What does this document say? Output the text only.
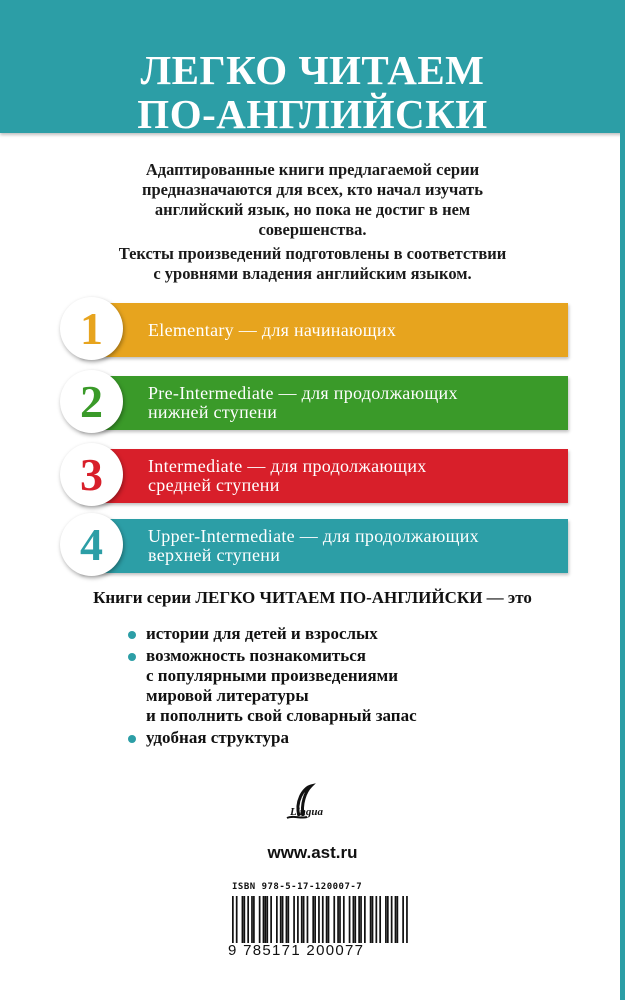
ЛЕГКО ЧИТАЕМ
ПО-АНГЛИЙСКИ
Адаптированные книги предлагаемой серии
предназначаются для всех, кто начал изучать
английский язык, но пока не достиг в нем
совершенства.
Тексты произведений подготовлены в соответствии
с уровнями владения английским языком.
Elementary — для начинающих
1
Pre-Intermediate — для продолжающих
нижней ступени
2
Intermediate — для продолжающих
средней ступени
3
Upper-Intermediate — для продолжающих
верхней ступени
4
Книги серии ЛЕГКО ЧИТАЕМ ПО-АНГЛИЙСКИ — это
истории для детей и взрослых
возможность познакомиться
с популярными произведениями
мировой литературы
и пополнить свой словарный запас
удобная структура
Lingua
www.ast.ru
ISBN 978-5-17-120007-7
9 785171 200077
